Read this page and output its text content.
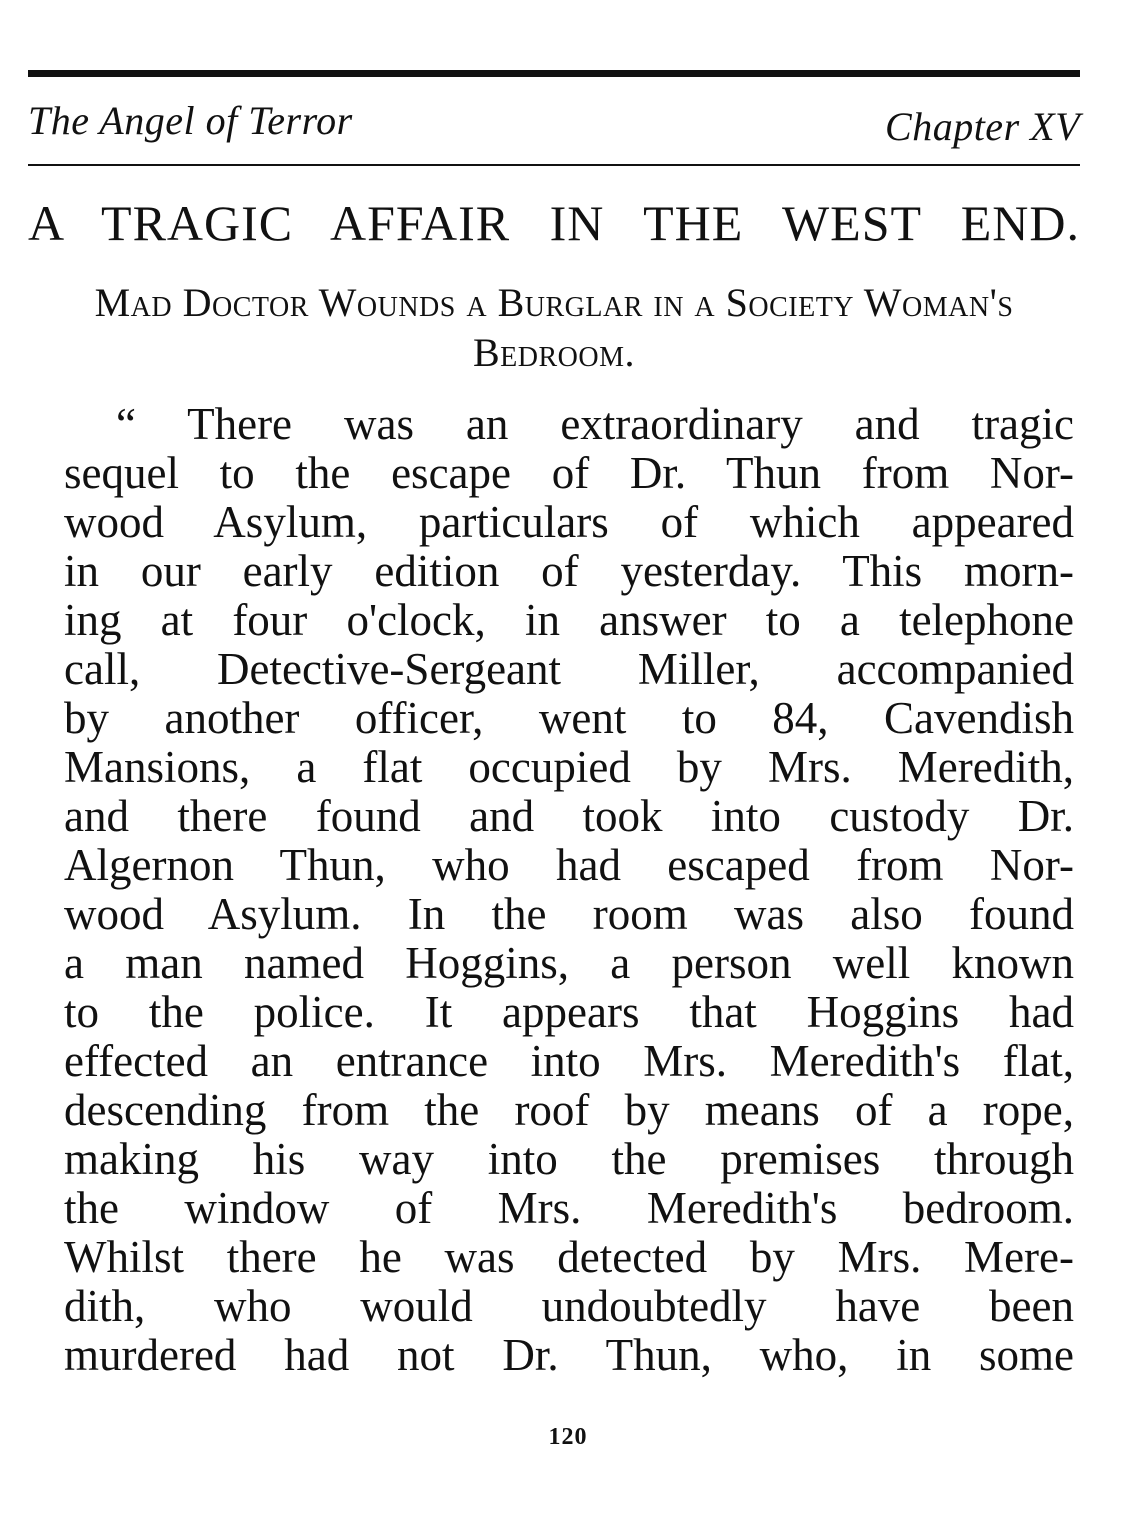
The Angel of Terror	Chapter XV
A TRAGIC AFFAIR IN THE WEST END.
Mad Doctor Wounds a Burglar in a Society Woman's Bedroom.
“ There was an extraordinary and tragic
sequel to the escape of Dr. Thun from Nor-
wood Asylum, particulars of which appeared
in our early edition of yesterday. This morn-
ing at four o'clock, in answer to a telephone
call, Detective-Sergeant Miller, accompanied
by another officer, went to 84, Cavendish
Mansions, a flat occupied by Mrs. Meredith,
and there found and took into custody Dr.
Algernon Thun, who had escaped from Nor-
wood Asylum. In the room was also found
a man named Hoggins, a person well known
to the police. It appears that Hoggins had
effected an entrance into Mrs. Meredith's flat,
descending from the roof by means of a rope,
making his way into the premises through
the window of Mrs. Meredith's bedroom.
Whilst there he was detected by Mrs. Mere-
dith, who would undoubtedly have been
murdered had not Dr. Thun, who, in some
120
